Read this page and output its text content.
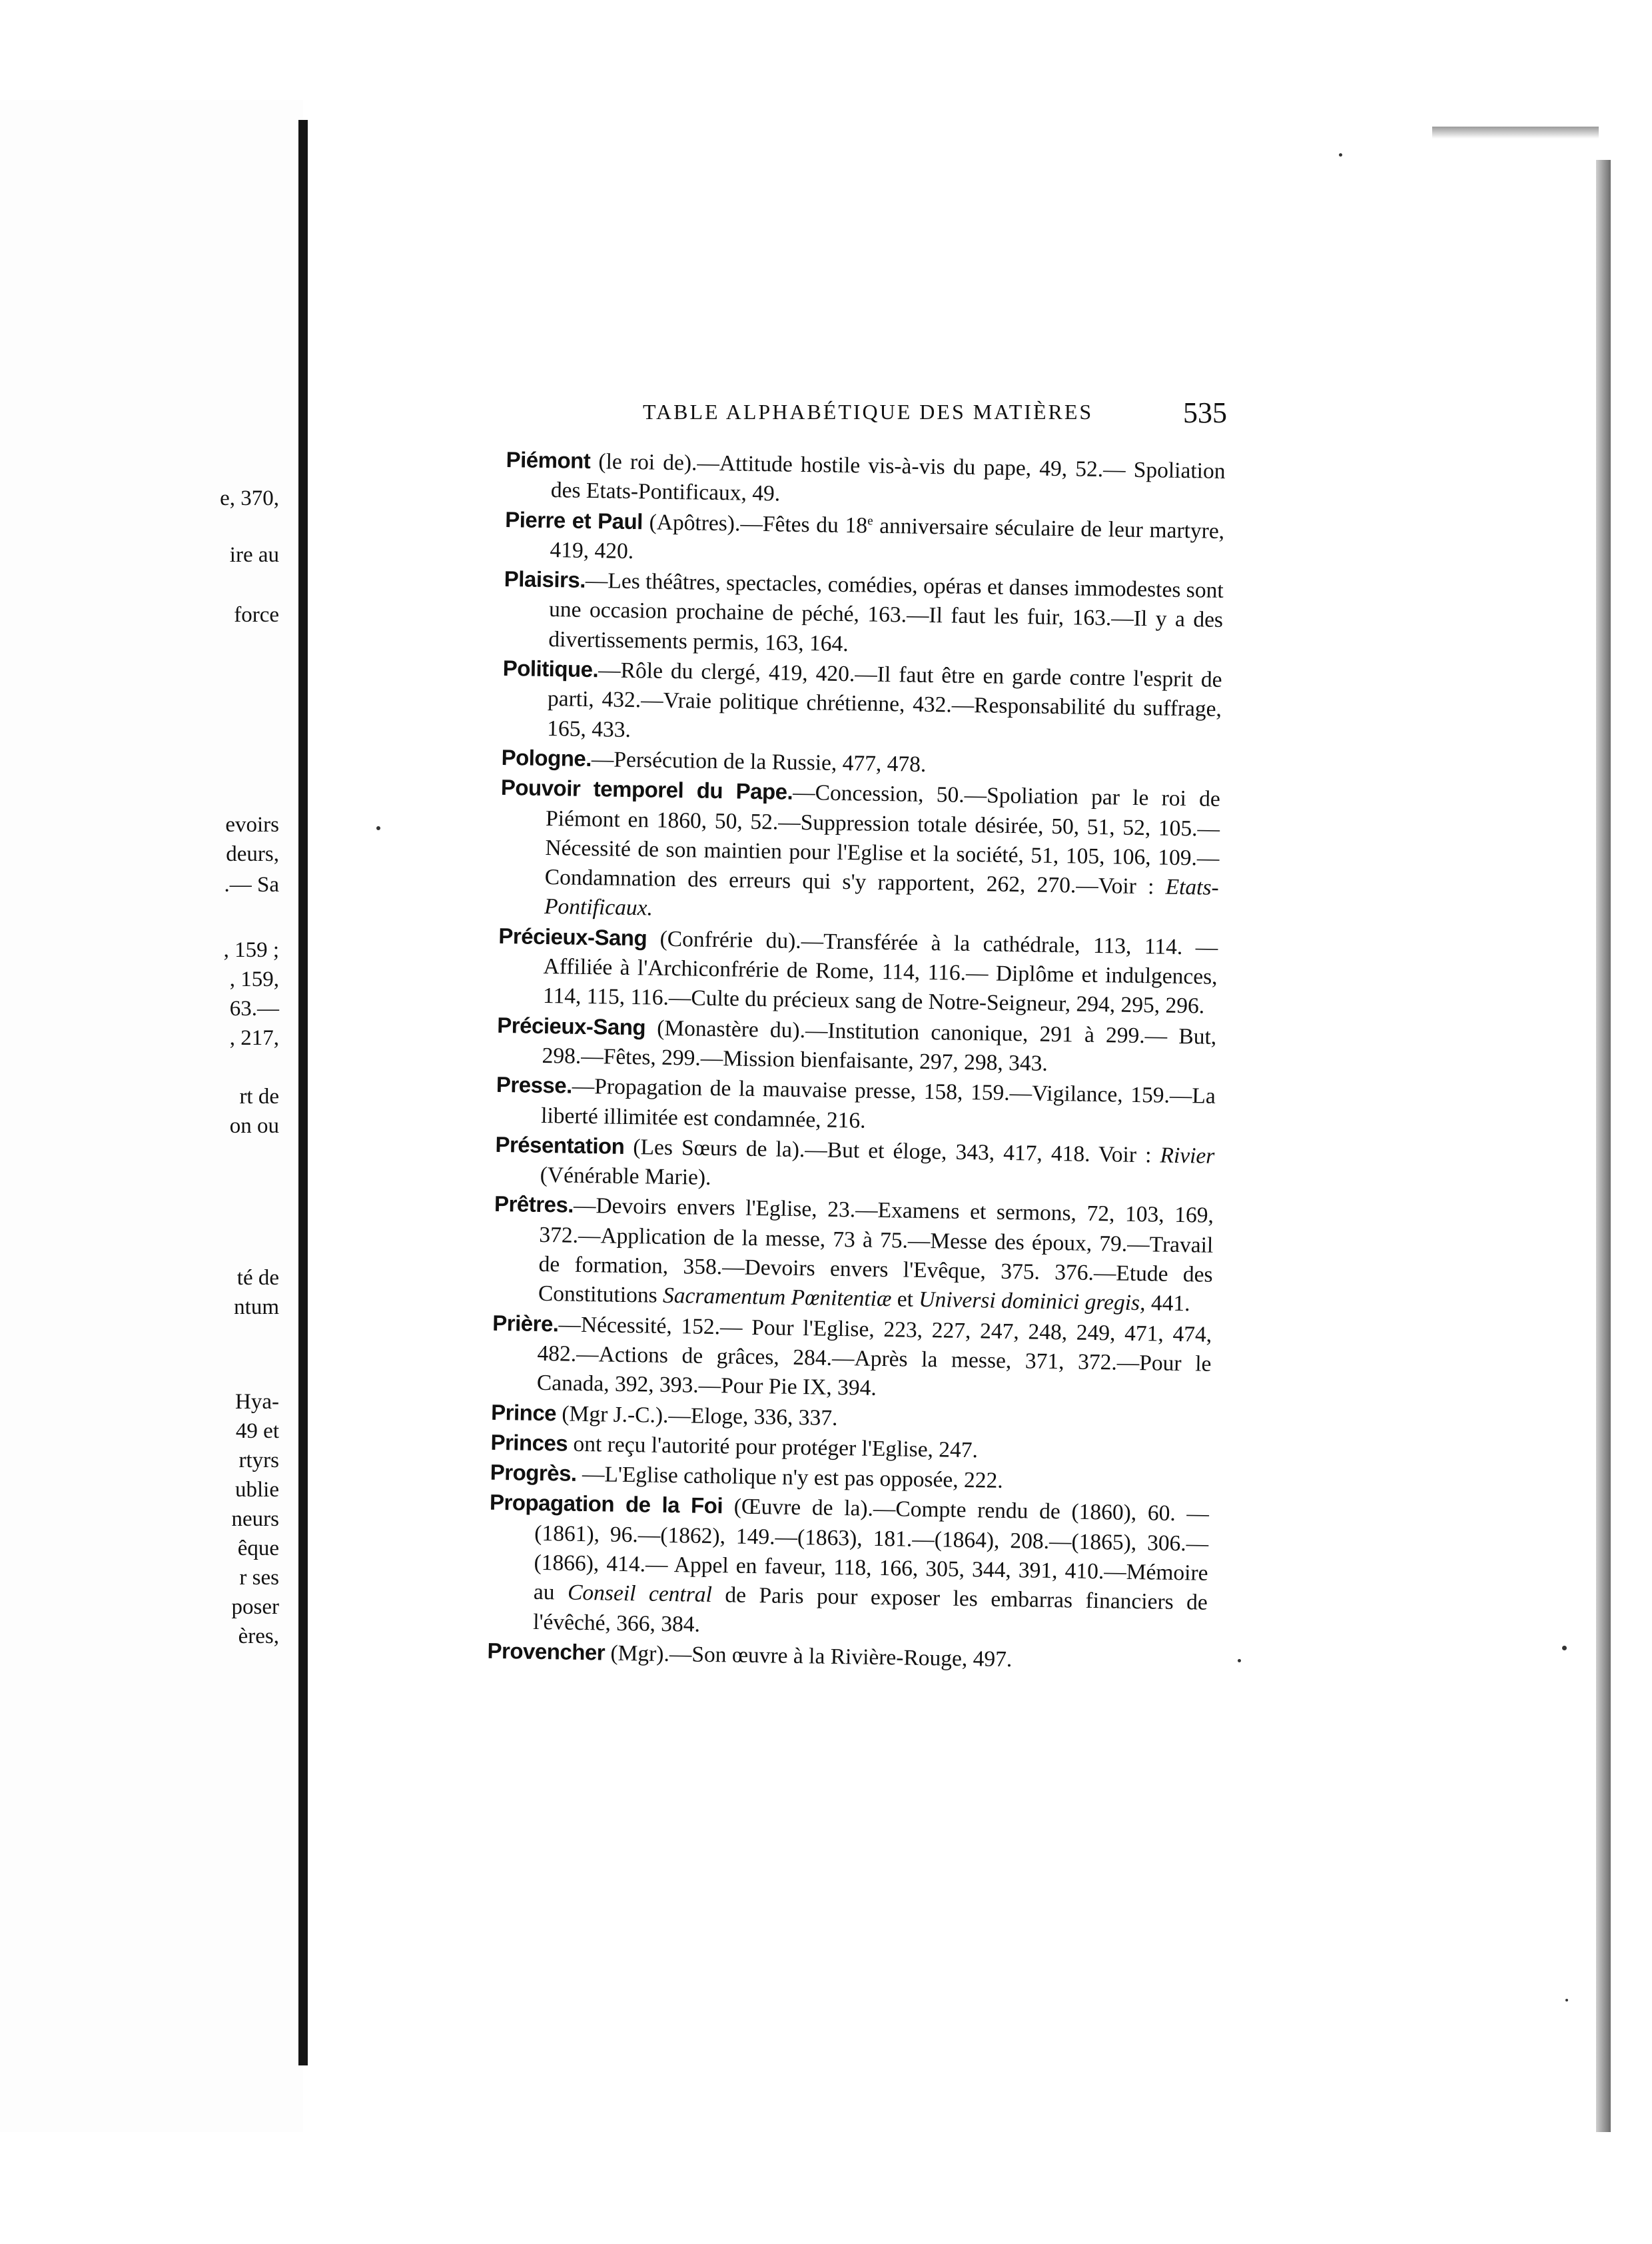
e, 370,
ire au
force
evoirs
deurs,
.— Sa
, 159 ;
, 159,
63.—
, 217,
rt de
on ou
té de
ntum
Hya-
49 et
rtyrs
ublie
neurs
êque
r ses
poser
ères,
TABLE ALPHABÉTIQUE DES MATIÈRES	535

Piémont (le roi de).—Attitude hostile vis-à-vis du pape, 49, 52.— Spoliation des Etats-Pontificaux, 49.

Pierre et Paul (Apôtres).—Fêtes du 18e anniversaire séculaire de leur martyre, 419, 420.

Plaisirs.—Les théâtres, spectacles, comédies, opéras et danses immodestes sont une occasion prochaine de péché, 163.—Il faut les fuir, 163.—Il y a des divertissements permis, 163, 164.

Politique.—Rôle du clergé, 419, 420.—Il faut être en garde contre l'esprit de parti, 432.—Vraie politique chrétienne, 432.—Responsabilité du suffrage, 165, 433.

Pologne.—Persécution de la Russie, 477, 478.

Pouvoir temporel du Pape.—Concession, 50.—Spoliation par le roi de Piémont en 1860, 50, 52.—Suppression totale désirée, 50, 51, 52, 105.—Nécessité de son maintien pour l'Eglise et la société, 51, 105, 106, 109.—Condamnation des erreurs qui s'y rapportent, 262, 270.—Voir : Etats-Pontificaux.

Précieux-Sang (Confrérie du).—Transférée à la cathédrale, 113, 114. —Affiliée à l'Archiconfrérie de Rome, 114, 116.— Diplôme et indulgences, 114, 115, 116.—Culte du précieux sang de Notre-Seigneur, 294, 295, 296.

Précieux-Sang (Monastère du).—Institution canonique, 291 à 299.— But, 298.—Fêtes, 299.—Mission bienfaisante, 297, 298, 343.

Presse.—Propagation de la mauvaise presse, 158, 159.—Vigilance, 159.—La liberté illimitée est condamnée, 216.

Présentation (Les Sœurs de la).—But et éloge, 343, 417, 418. Voir : Rivier (Vénérable Marie).

Prêtres.—Devoirs envers l'Eglise, 23.—Examens et sermons, 72, 103, 169, 372.—Application de la messe, 73 à 75.—Messe des époux, 79.—Travail de formation, 358.—Devoirs envers l'Evêque, 375. 376.—Etude des Constitutions Sacramentum Pœnitentiæ et Universi dominici gregis, 441.

Prière.—Nécessité, 152.— Pour l'Eglise, 223, 227, 247, 248, 249, 471, 474, 482.—Actions de grâces, 284.—Après la messe, 371, 372.—Pour le Canada, 392, 393.—Pour Pie IX, 394.

Prince (Mgr J.-C.).—Eloge, 336, 337.

Princes ont reçu l'autorité pour protéger l'Eglise, 247.

Progrès. —L'Eglise catholique n'y est pas opposée, 222.

Propagation de la Foi (Œuvre de la).—Compte rendu de (1860), 60. —(1861), 96.—(1862), 149.—(1863), 181.—(1864), 208.—(1865), 306.— (1866), 414.— Appel en faveur, 118, 166, 305, 344, 391, 410.—Mémoire au Conseil central de Paris pour exposer les embarras financiers de l'évêché, 366, 384.

Provencher (Mgr).—Son œuvre à la Rivière-Rouge, 497.
